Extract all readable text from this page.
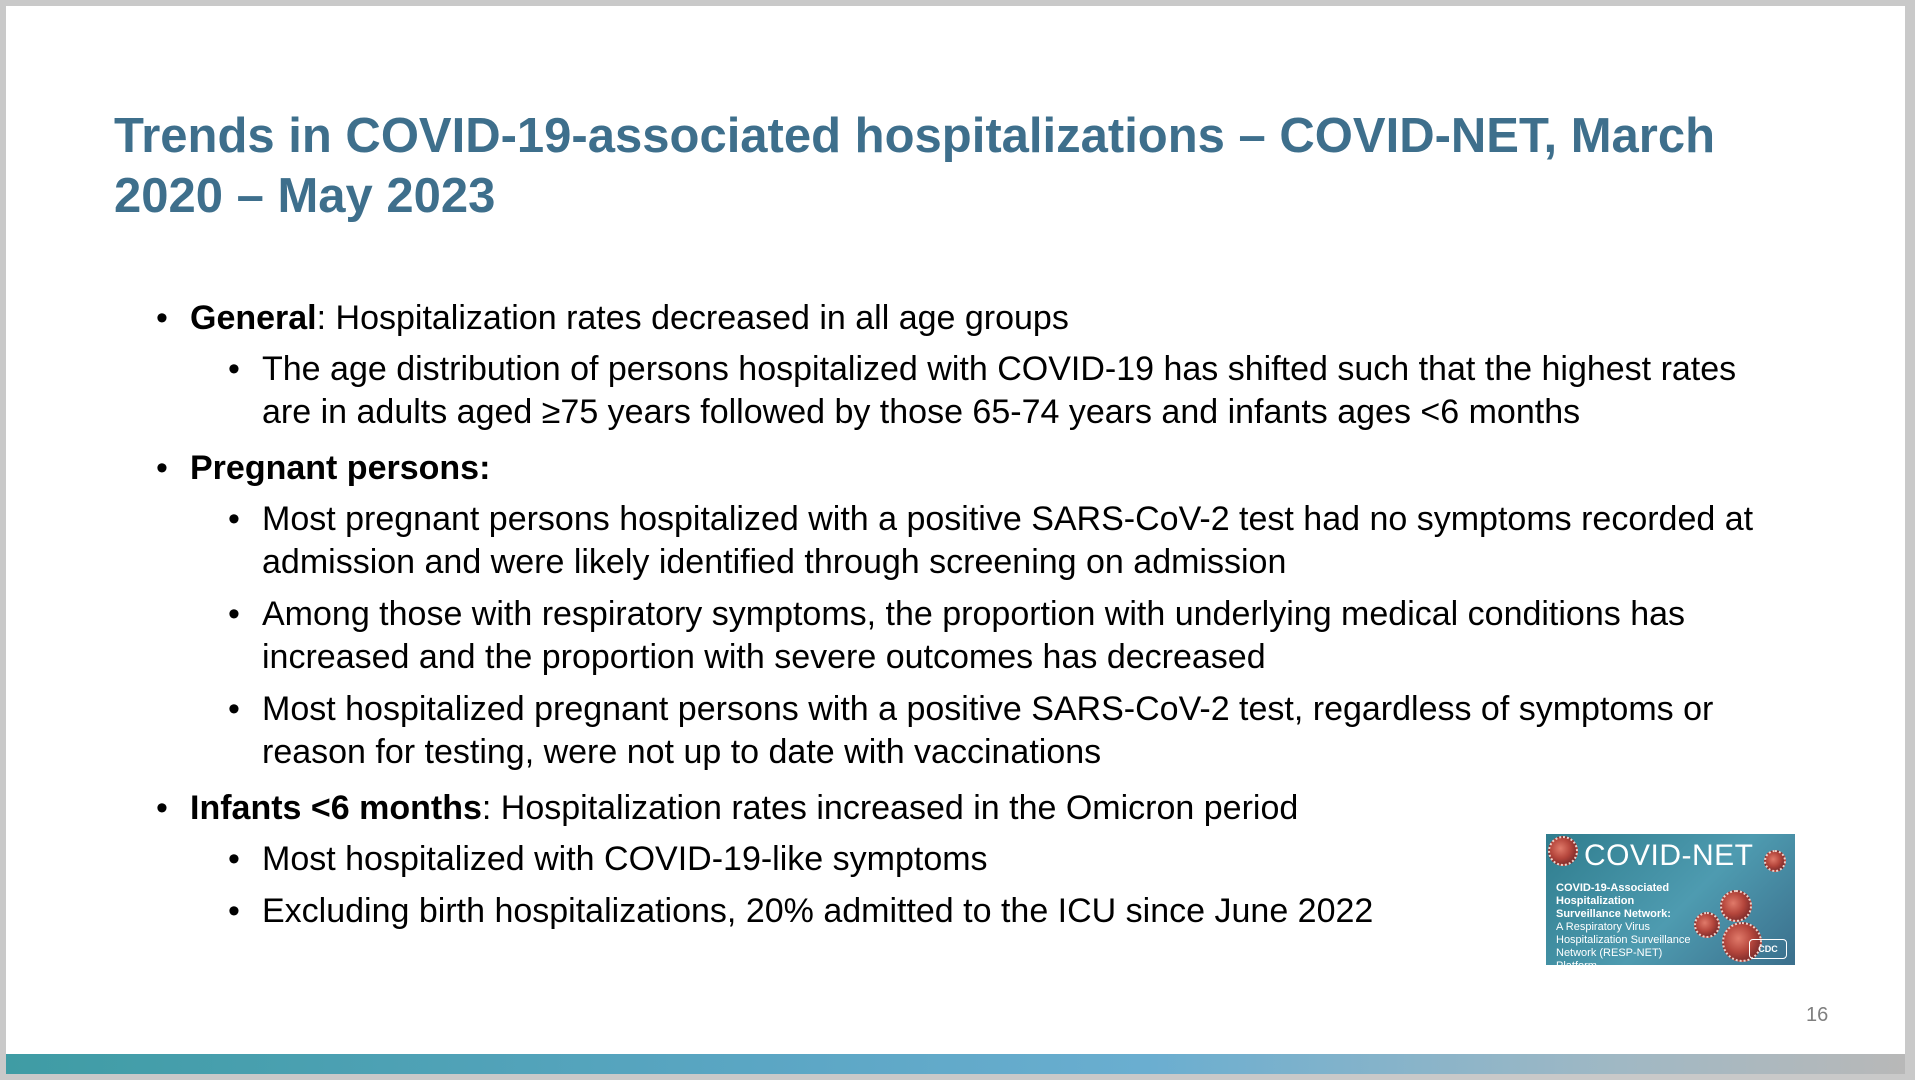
Trends in COVID-19-associated hospitalizations – COVID-NET, March 2020 – May 2023
• General: Hospitalization rates decreased in all age groups
• The age distribution of persons hospitalized with COVID-19 has shifted such that the highest rates are in adults aged ≥75 years followed by those 65-74 years and infants ages <6 months
• Pregnant persons:
• Most pregnant persons hospitalized with a positive SARS-CoV-2 test had no symptoms recorded at admission and were likely identified through screening on admission
• Among those with respiratory symptoms, the proportion with underlying medical conditions has increased and the proportion with severe outcomes has decreased
• Most hospitalized pregnant persons with a positive SARS-CoV-2 test, regardless of symptoms or reason for testing, were not up to date with vaccinations
• Infants <6 months: Hospitalization rates increased in the Omicron period
• Most hospitalized with COVID-19-like symptoms
• Excluding birth hospitalizations, 20% admitted to the ICU since June 2022
COVID-NET
COVID-19-Associated
Hospitalization
Surveillance Network:
A Respiratory Virus
Hospitalization Surveillance
Network (RESP-NET) Platform
CDC
16
